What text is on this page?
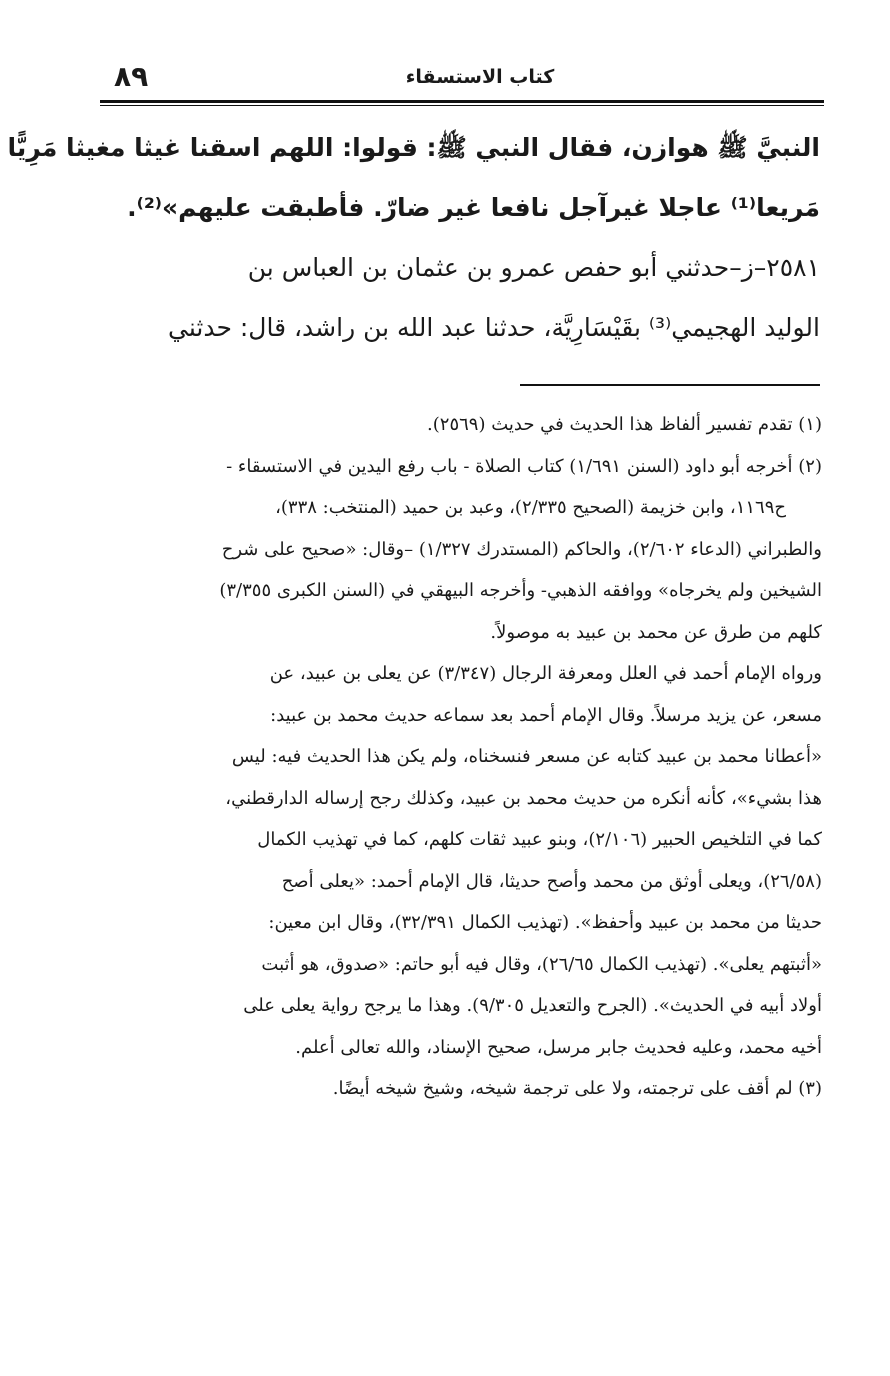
٨٩	كتاب الاستسقاء
النبيَّ ﷺ هوازن، فقال النبي ﷺ: قولوا: اللهم اسقنا غيثا مغيثا مَرِيًّا
مَريعا⁽¹⁾ عاجلا غيرآجل نافعا غير ضارّ. فأطبقت عليهم»⁽²⁾.
٢٥٨١–ز–حدثني أبو حفص عمرو بن عثمان بن العباس بن
الوليد الهجيمي⁽³⁾ بقَيْسَارِيَّة، حدثنا عبد الله بن راشد، قال: حدثني
(١) تقدم تفسير ألفاظ هذا الحديث في حديث (٢٥٦٩).
(٢) أخرجه أبو داود (السنن ١/٦٩١) كتاب الصلاة - باب رفع اليدين في الاستسقاء -
ح١١٦٩، وابن خزيمة (الصحيح ٢/٣٣٥)، وعبد بن حميد (المنتخب: ٣٣٨)،
والطبراني (الدعاء ٢/٦٠٢)، والحاكم (المستدرك ١/٣٢٧) –وقال: «صحيح على شرح
الشيخين ولم يخرجاه» ووافقه الذهبي- وأخرجه البيهقي في (السنن الكبرى ٣/٣٥٥)
كلهم من طرق عن محمد بن عبيد به موصولاً.
ورواه الإمام أحمد في العلل ومعرفة الرجال (٣/٣٤٧) عن يعلى بن عبيد، عن
مسعر، عن يزيد مرسلاً. وقال الإمام أحمد بعد سماعه حديث محمد بن عبيد:
«أعطانا محمد بن عبيد كتابه عن مسعر فنسخناه، ولم يكن هذا الحديث فيه: ليس
هذا بشيء»، كأنه أنكره من حديث محمد بن عبيد، وكذلك رجح إرساله الدارقطني،
كما في التلخيص الحبير (٢/١٠٦)، وبنو عبيد ثقات كلهم، كما في تهذيب الكمال
(٢٦/٥٨)، ويعلى أوثق من محمد وأصح حديثا، قال الإمام أحمد: «يعلى أصح
حديثا من محمد بن عبيد وأحفظ». (تهذيب الكمال ٣٢/٣٩١)، وقال ابن معين:
«أثبتهم يعلى». (تهذيب الكمال ٢٦/٦٥)، وقال فيه أبو حاتم: «صدوق، هو أثبت
أولاد أبيه في الحديث». (الجرح والتعديل ٩/٣٠٥). وهذا ما يرجح رواية يعلى على
أخيه محمد، وعليه فحديث جابر مرسل، صحيح الإسناد، والله تعالى أعلم.
(٣) لم أقف على ترجمته، ولا على ترجمة شيخه، وشيخ شيخه أيضًا.
